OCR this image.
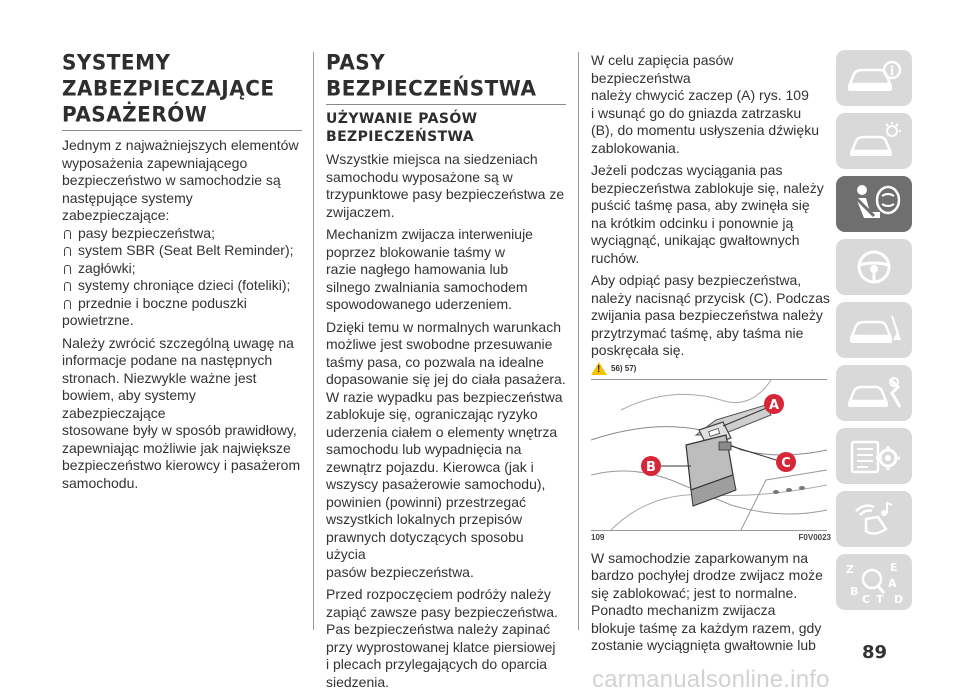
SYSTEMY
ZABEZPIECZAJĄCE
PASAŻERÓW

Jednym z najważniejszych elementów
wyposażenia zapewniającego
bezpieczeństwo w samochodzie są
następujące systemy zabezpieczające:

pasy bezpieczeństwa;
system SBR (Seat Belt Reminder);
zagłówki;
systemy chroniące dzieci (foteliki);
przednie i boczne poduszki

powietrzne.

Należy zwrócić szczególną uwagę na
informacje podane na następnych
stronach. Niezwykle ważne jest
bowiem, aby systemy zabezpieczające
stosowane były w sposób prawidłowy,
zapewniając możliwie jak największe
bezpieczeństwo kierowcy i pasażerom
samochodu.

PASY
BEZPIECZEŃSTWA
UŻYWANIE PASÓW
BEZPIECZEŃSTWA

Wszystkie miejsca na siedzeniach
samochodu wyposażone są w
trzypunktowe pasy bezpieczeństwa ze
zwijaczem.

Mechanizm zwijacza interweniuje
poprzez blokowanie taśmy w
razie nagłego hamowania lub
silnego zwalniania samochodem
spowodowanego uderzeniem.

Dzięki temu w normalnych warunkach
możliwe jest swobodne przesuwanie
taśmy pasa, co pozwala na idealne
dopasowanie się jej do ciała pasażera.
W razie wypadku pas bezpieczeństwa
zablokuje się, ograniczając ryzyko
uderzenia ciałem o elementy wnętrza
samochodu lub wypadnięcia na
zewnątrz pojazdu. Kierowca (jak i
wszyscy pasażerowie samochodu),
powinien (powinni) przestrzegać
wszystkich lokalnych przepisów
prawnych dotyczących sposobu użycia
pasów bezpieczeństwa.

Przed rozpoczęciem podróży należy
zapiąć zawsze pasy bezpieczeństwa.
Pas bezpieczeństwa należy zapinać
przy wyprostowanej klatce piersiowej
i plecach przylegających do oparcia
siedzenia.

W celu zapięcia pasów bezpieczeństwa
należy chwycić zaczep (A) rys. 109
i wsunąć go do gniazda zatrzasku
(B), do momentu usłyszenia dźwięku
zablokowania.

Jeżeli podczas wyciągania pas
bezpieczeństwa zablokuje się, należy
puścić taśmę pasa, aby zwinęła się
na krótkim odcinku i ponownie ją
wyciągnąć, unikając gwałtownych
ruchów.

Aby odpiąć pasy bezpieczeństwa,
należy nacisnąć przycisk (C). Podczas
zwijania pasa bezpieczeństwa należy
przytrzymać taśmę, aby taśma nie
poskręcała się.

! 56) 57)
A
B	C
109	F0V0023

W samochodzie zaparkowanym na
bardzo pochyłej drodze zwijacz może
się zablokować; jest to normalne.
Ponadto mechanizm zwijacza
blokuje taśmę za każdym razem, gdy
zostanie wyciągnięta gwałtownie lub

i
Z	E
B
A
C T D
89
carmanualsonline.info
